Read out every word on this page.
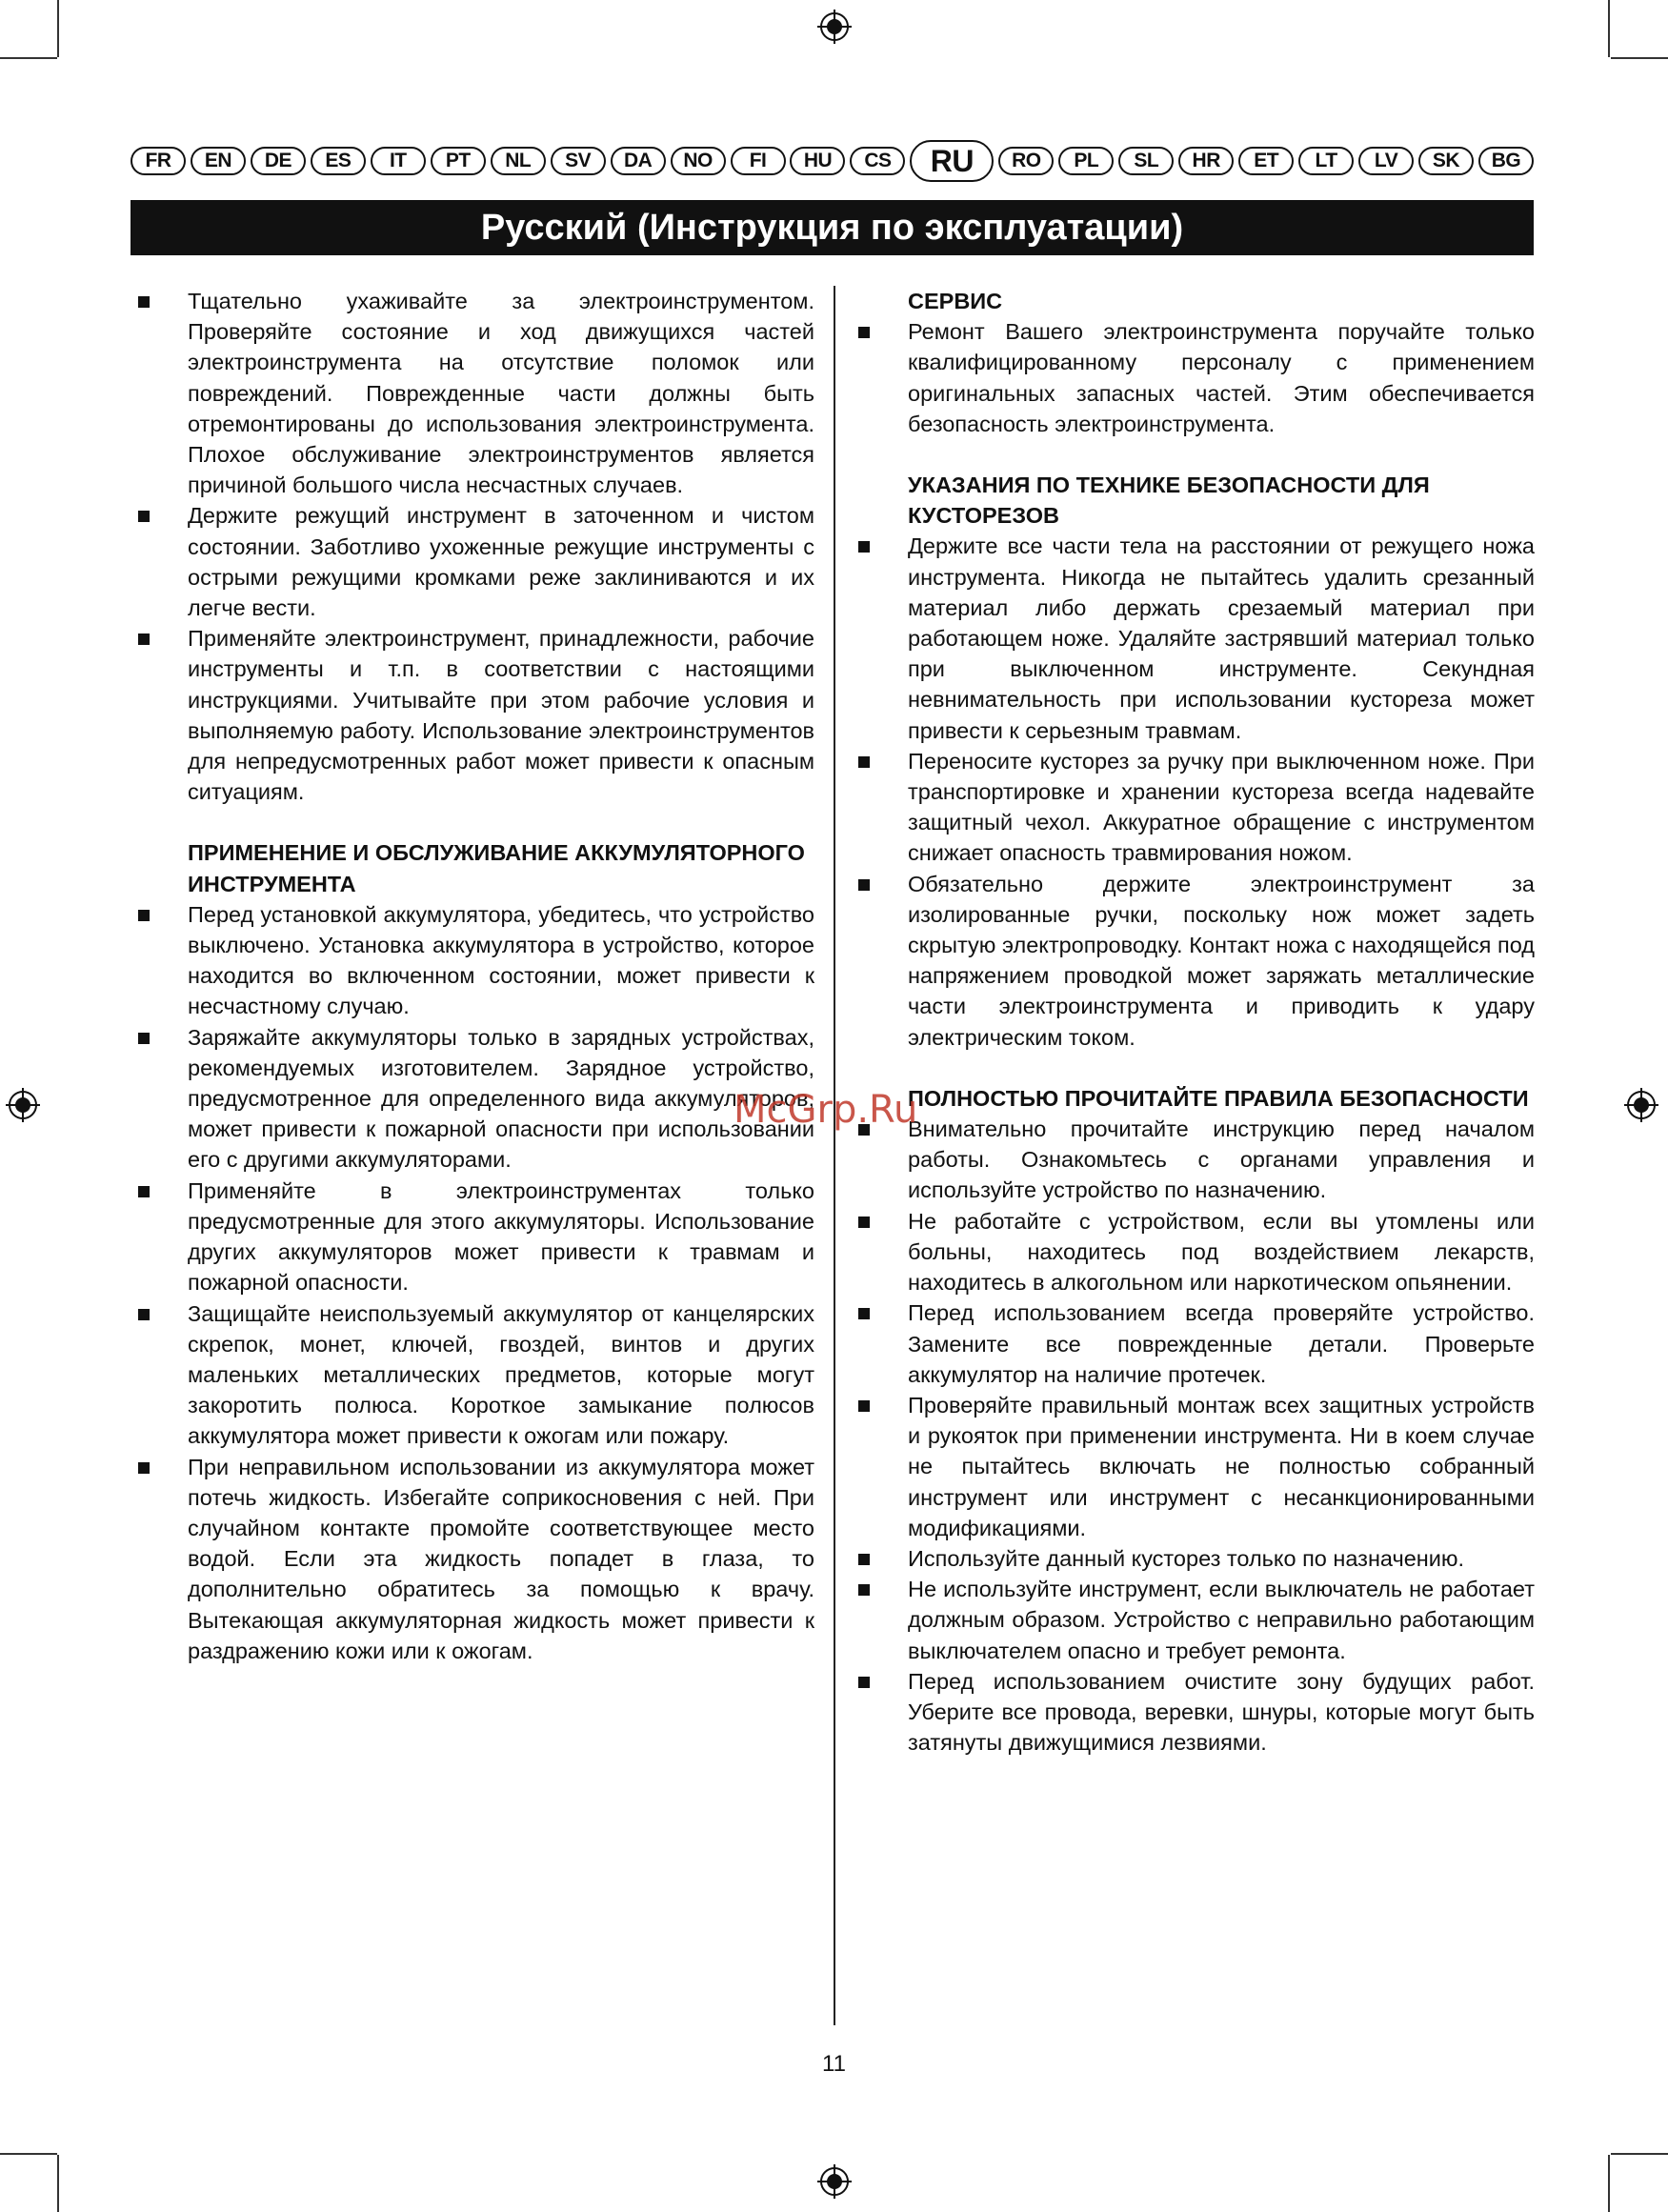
FR	EN	DE	ES	IT	PT	NL	SV	DA	NO	FI	HU	CS	RU	RO	PL	SL	HR	ET	LT	LV	SK	BG
Русский (Инструкция по эксплуатации)
Тщательно ухаживайте за электроинструментом. Проверяйте состояние и ход движущихся частей электроинструмента на отсутствие поломок или повреждений. Поврежденные части должны быть отремонтированы до использования электроинструмента. Плохое обслуживание электроинструментов является причиной большого числа несчастных случаев.
Держите режущий инструмент в заточенном и чистом состоянии. Заботливо ухоженные режущие инструменты с острыми режущими кромками реже заклиниваются и их легче вести.
Применяйте электроинструмент, принадлежности, рабочие инструменты и т.п. в соответствии с настоящими инструкциями. Учитывайте при этом рабочие условия и выполняемую работу. Использование электроинструментов для непредусмотренных работ может привести к опасным ситуациям.
ПРИМЕНЕНИЕ И ОБСЛУЖИВАНИЕ АККУМУЛЯТОРНОГО ИНСТРУМЕНТА
Перед установкой аккумулятора, убедитесь, что устройство выключено. Установка аккумулятора в устройство, которое находится во включенном состоянии, может привести к несчастному случаю.
Заряжайте аккумуляторы только в зарядных устройствах, рекомендуемых изготовителем. Зарядное устройство, предусмотренное для определенного вида аккумуляторов, может привести к пожарной опасности при использовании его с другими аккумуляторами.
Применяйте в электроинструментах только предусмотренные для этого аккумуляторы. Использование других аккумуляторов может привести к травмам и пожарной опасности.
Защищайте неиспользуемый аккумулятор от канцелярских скрепок, монет, ключей, гвоздей, винтов и других маленьких металлических предметов, которые могут закоротить полюса. Короткое замыкание полюсов аккумулятора может привести к ожогам или пожару.
При неправильном использовании из аккумулятора может потечь жидкость. Избегайте соприкосновения с ней. При случайном контакте промойте соответствующее место водой. Если эта жидкость попадет в глаза, то дополнительно обратитесь за помощью к врачу. Вытекающая аккумуляторная жидкость может привести к раздражению кожи или к ожогам.
СЕРВИС
Ремонт Вашего электроинструмента поручайте только квалифицированному персоналу с применением оригинальных запасных частей. Этим обеспечивается безопасность электроинструмента.
УКАЗАНИЯ ПО ТЕХНИКЕ БЕЗОПАСНОСТИ ДЛЯ КУСТОРЕЗОВ
Держите все части тела на расстоянии от режущего ножа инструмента. Никогда не пытайтесь удалить срезанный материал либо держать срезаемый материал при работающем ноже. Удаляйте застрявший материал только при выключенном инструменте. Секундная невнимательность при использовании кустореза может привести к серьезным травмам.
Переносите кусторез за ручку при выключенном ноже. При транспортировке и хранении кустореза всегда надевайте защитный чехол. Аккуратное обращение с инструментом снижает опасность травмирования ножом.
Обязательно держите электроинструмент за изолированные ручки, поскольку нож может задеть скрытую электропроводку. Контакт ножа с находящейся под напряжением проводкой может заряжать металлические части электроинструмента и приводить к удару электрическим током.
ПОЛНОСТЬЮ ПРОЧИТАЙТЕ ПРАВИЛА БЕЗОПАСНОСТИ
Внимательно прочитайте инструкцию перед началом работы. Ознакомьтесь с органами управления и используйте устройство по назначению.
Не работайте с устройством, если вы утомлены или больны, находитесь под воздействием лекарств, находитесь в алкогольном или наркотическом опьянении.
Перед использованием всегда проверяйте устройство. Замените все поврежденные детали. Проверьте аккумулятор на наличие протечек.
Проверяйте правильный монтаж всех защитных устройств и рукояток при применении инструмента. Ни в коем случае не пытайтесь включать не полностью собранный инструмент или инструмент с несанкционированными модификациями.
Используйте данный кусторез только по назначению.
Не используйте инструмент, если выключатель не работает должным образом. Устройство с неправильно работающим выключателем опасно и требует ремонта.
Перед использованием очистите зону будущих работ. Уберите все провода, веревки, шнуры, которые могут быть затянуты движущимися лезвиями.
McGrp.Ru
11
